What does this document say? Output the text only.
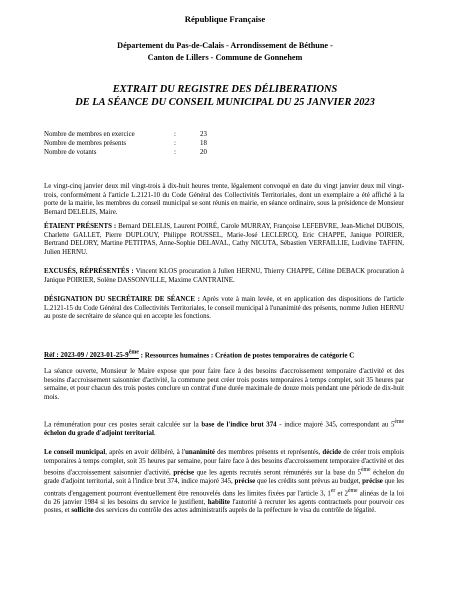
République Française
Département du Pas-de-Calais - Arrondissement de Béthune -
Canton de Lillers - Commune de Gonnehem
EXTRAIT DU REGISTRE DES DÉLIBERATIONS
DE LA SÉANCE DU CONSEIL MUNICIPAL DU 25 JANVIER 2023
Nombre de membres en exercice	:	23
Nombre de membres présents	:	18
Nombre de votants	:	20
Le vingt-cinq janvier deux mil vingt-trois à dix-huit heures trente, légalement convoqué en date du vingt janvier deux mil vingt-trois, conformément à l'article L.2121-10 du Code Général des Collectivités Territoriales, dont un exemplaire a été affiché à la porte de la mairie, les membres du conseil municipal se sont réunis en mairie, en séance ordinaire, sous la présidence de Monsieur Bernard DELELIS, Maire.
ÉTAIENT PRÉSENTS : Bernard DELELIS, Laurent POIRÉ, Carole MURRAY, Françoise LEFEBVRE, Jean-Michel DUBOIS, Charlette GALLET, Pierre DUPLOUY, Philippe ROUSSEL, Marie-José LECLERCQ, Eric CHAPPE, Janique POIRIER, Bertrand DELORY, Martine PETITPAS, Anne-Sophie DELAVAL, Cathy NICUTA, Sébastien VERFAILLIE, Ludivine TAFFIN, Julien HERNU.
EXCUSÉS, RÉPRÉSENTÉS : Vincent KLOS procuration à Julien HERNU, Thierry CHAPPE, Céline DEBACK procuration à Janique POIRIER, Solène DASSONVILLE, Maxime CANTRAINE.
DÉSIGNATION DU SECRÉTAIRE DE SÉANCE : Après vote à main levée, et en application des dispositions de l'article L.2121-15 du Code Général des Collectivités Territoriales, le conseil municipal à l'unanimité des présents, nomme Julien HERNU au poste de secrétaire de séance qui en accepte les fonctions.
Réf : 2023-09 / 2023-01-25-9ème : Ressources humaines : Création de postes temporaires de catégorie C
La séance ouverte, Monsieur le Maire expose que pour faire face à des besoins d'accroissement temporaire d'activité et des besoins d'accroissement saisonnier d'activité, la commune peut créer trois postes temporaires à temps complet, soit 35 heures par semaine, et pour chacun des trois postes conclure un contrat d'une durée maximale de douze mois pendant une période de dix-huit mois.
La rémunération pour ces postes serait calculée sur la base de l'indice brut 374 - indice majoré 345, correspondant au 5ème échelon du grade d'adjoint territorial.
Le conseil municipal, après en avoir délibéré, à l'unanimité des membres présents et représentés, décide de créer trois emplois temporaires à temps complet, soit 35 heures par semaine, pour faire face à des besoins d'accroissement temporaire d'activité et des besoins d'accroissement saisonnier d'activité, précise que les agents recrutés seront rémunérés sur la base du 5ème échelon du grade d'adjoint territorial, soit à l'indice brut 374, indice majoré 345, précise que les crédits sont prévus au budget, précise que les contrats d'engagement pourront éventuellement être renouvelés dans les limites fixées par l'article 3, 1er et 2ème alinéas de la loi du 26 janvier 1984 si les besoins du service le justifient, habilite l'autorité à recruter les agents contractuels pour pourvoir ces postes, et sollicite des services du contrôle des actes administratifs auprès de la préfecture le visa du contrôle de légalité.
